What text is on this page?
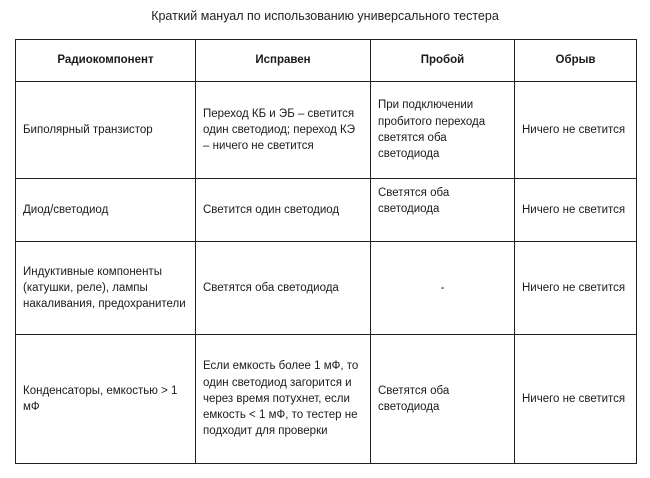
Краткий мануал по использованию универсального тестера
Радиокомпонент	Исправен	Пробой	Обрыв
Биполярный транзистор	Переход КБ и ЭБ – светится один светодиод; переход КЭ – ничего не светится	При подключении пробитого перехода светятся оба светодиода	Ничего не светится
Диод/светодиод	Светится один светодиод	Светятся оба светодиода	Ничего не светится
Индуктивные компоненты (катушки, реле), лампы накаливания, предохранители	Светятся оба светодиода	-	Ничего не светится
Конденсаторы, емкостью > 1 мФ	Если емкость более 1 мФ, то один светодиод загорится и через время потухнет, если емкость < 1 мФ, то тестер не подходит для проверки	Светятся оба светодиода	Ничего не светится
